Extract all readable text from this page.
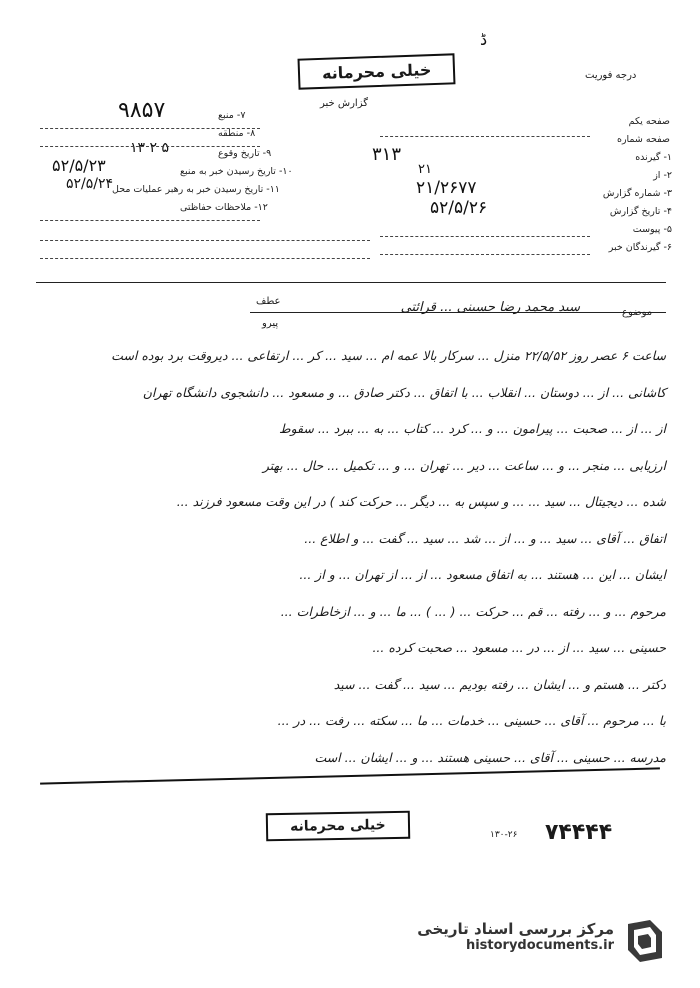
درجه فوریت
ڈ
خیلی محرمانه
گزارش خبر
۱- گیرنده
۳۱۳
۲- از
۲۱
۳- شماره گزارش
۲۱/۲۶۷۷
۴- تاریخ گزارش
۵۲/۵/۲۶
۵- پیوست
۶- گیرندگان خبر
صفحه یکم
صفحه شماره
۷- منبع
۹۸۵۷
۸- منطقه
۹- تاریخ وقوع
۱۳ ۲ ۵
۱۰- تاریخ رسیدن خبر به منبع
۵۲/۵/۲۳
۱۱- تاریخ رسیدن خبر به رهبر عملیات محل
۵۲/۵/۲۴
۱۲- ملاحظات حفاظتی
عطف
پیرو
موضوع
سید محمد رضا حسینی ... قرائتی

ساعت ۶ عصر روز ۲۲/۵/۵۲ منزل ... سرکار بالا عمه ام ... سید ... کر ... ارتفاعی ... دیروقت برد بوده است

کاشانی ... از ... دوستان ... انقلاب ... با اتفاق ... دکتر صادق ... و مسعود ... دانشجوی دانشگاه تهران

از ... از ... صحبت ... پیرامون ... و ... کرد ... کتاب ... به ... ببرد ... سقوط

ارزیابی ... منجر ... و ... ساعت ... دیر ... تهران ... و ... تکمیل ... حال ... بهتر

شده ... دیجیتال ... سید ... ... و سپس به ... دیگر ... حرکت کند ) در این وقت مسعود فرزند ...

اتفاق ... آقای ... سید ... و ... از ... شد ... سید ... گفت ... و اطلاع ...

ایشان ... این ... هستند ... به اتفاق مسعود ... از ... از تهران ... و از ...

مرحوم ... و ... رفته ... قم ... حرکت ... ( ... ) ... ما ... و ... ازخاطرات ...

حسینی ... سید ... از ... در ... مسعود ... صحبت کرده ...

دکتر ... هستم و ... ایشان ... رفته بودیم ... سید ... گفت ... سید

با ... مرحوم ... آقای ... حسینی ... خدمات ... ما ... سکته ... رفت ... در ...

مدرسه ... حسینی ... آقای ... حسینی هستند ... و ... ایشان ... است

خیلی محرمانه	۷۴۴۴۴
۱۳۰-۲۶
مرکز بررسی اسناد تاریخی
historydocuments.ir
